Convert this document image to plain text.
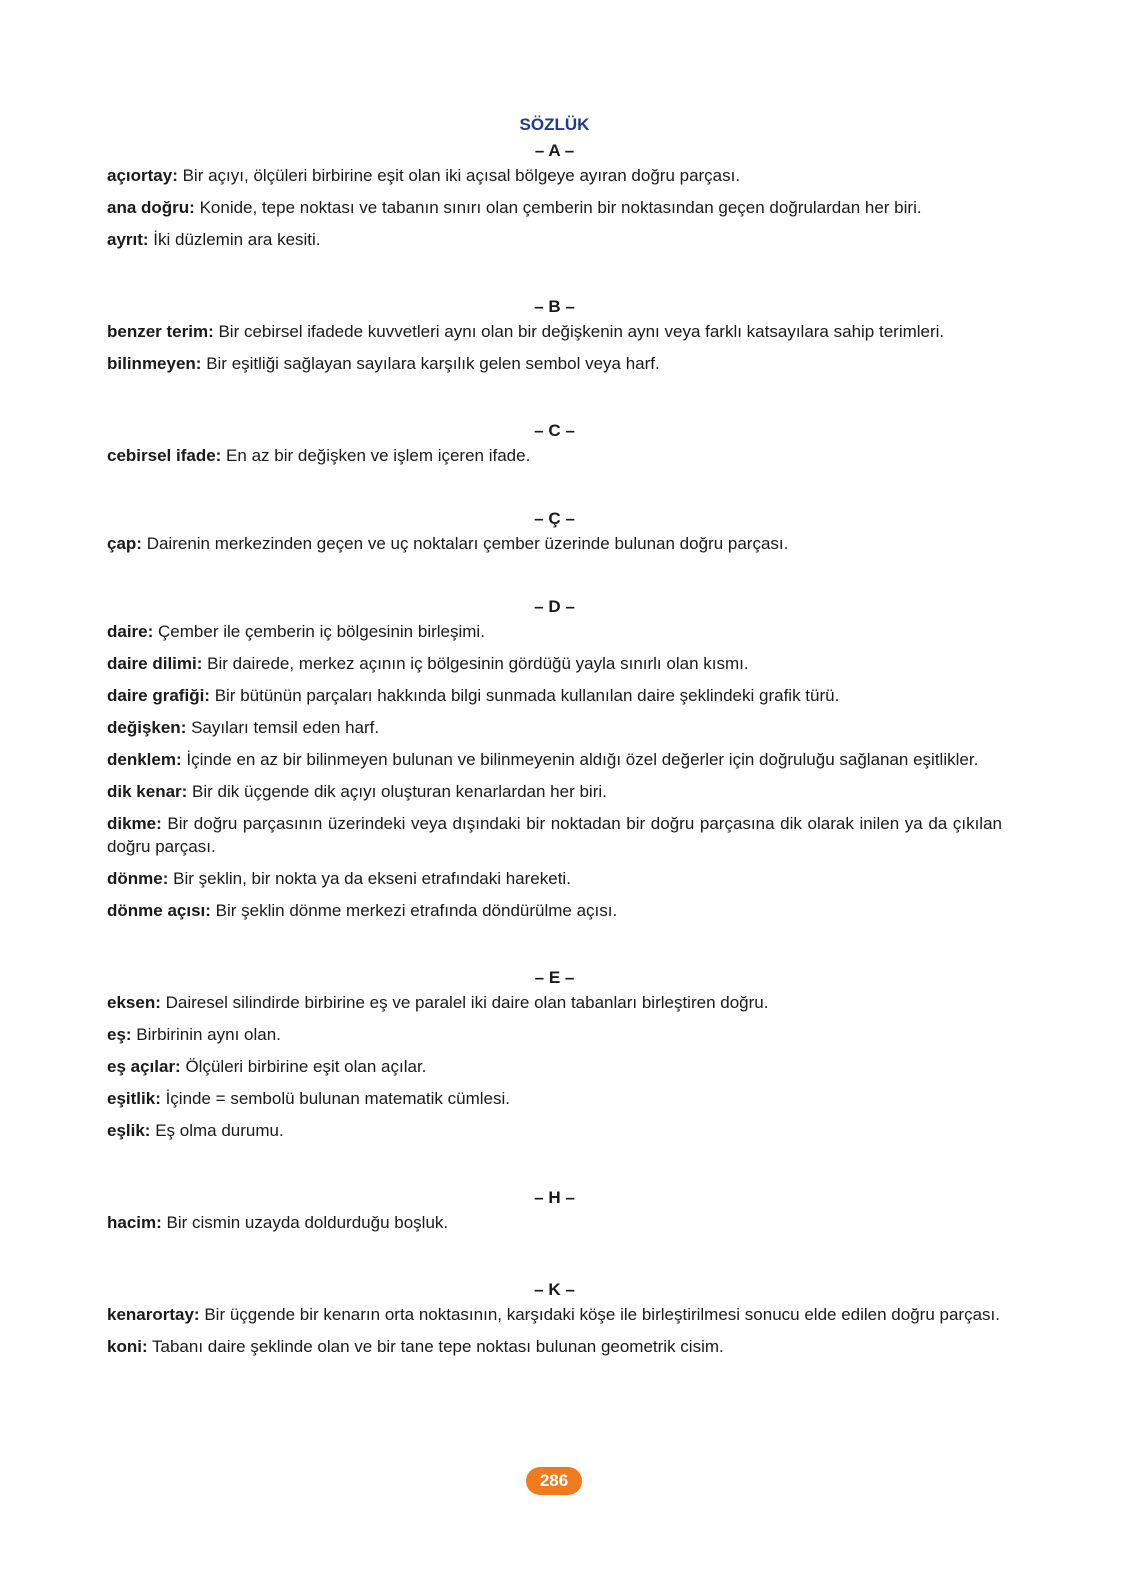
SÖZLÜK
– A –

açıortay: Bir açıyı, ölçüleri birbirine eşit olan iki açısal bölgeye ayıran doğru parçası.

ana doğru: Konide, tepe noktası ve tabanın sınırı olan çemberin bir noktasından geçen doğrulardan her biri.

ayrıt: İki düzlemin ara kesiti.

– B –

benzer terim: Bir cebirsel ifadede kuvvetleri aynı olan bir değişkenin aynı veya farklı katsayılara sahip terimleri.

bilinmeyen: Bir eşitliği sağlayan sayılara karşılık gelen sembol veya harf.

– C –

cebirsel ifade: En az bir değişken ve işlem içeren ifade.

– Ç –

çap: Dairenin merkezinden geçen ve uç noktaları çember üzerinde bulunan doğru parçası.

– D –

daire: Çember ile çemberin iç bölgesinin birleşimi.

daire dilimi: Bir dairede, merkez açının iç bölgesinin gördüğü yayla sınırlı olan kısmı.

daire grafiği: Bir bütünün parçaları hakkında bilgi sunmada kullanılan daire şeklindeki grafik türü.

değişken: Sayıları temsil eden harf.

denklem: İçinde en az bir bilinmeyen bulunan ve bilinmeyenin aldığı özel değerler için doğruluğu sağlanan eşitlikler.

dik kenar: Bir dik üçgende dik açıyı oluşturan kenarlardan her biri.

dikme: Bir doğru parçasının üzerindeki veya dışındaki bir noktadan bir doğru parçasına dik olarak inilen ya da çıkılan doğru parçası.

dönme: Bir şeklin, bir nokta ya da ekseni etrafındaki hareketi.

dönme açısı: Bir şeklin dönme merkezi etrafında döndürülme açısı.

– E –

eksen: Dairesel silindirde birbirine eş ve paralel iki daire olan tabanları birleştiren doğru.

eş: Birbirinin aynı olan.

eş açılar: Ölçüleri birbirine eşit olan açılar.

eşitlik: İçinde = sembolü bulunan matematik cümlesi.

eşlik: Eş olma durumu.

– H –

hacim: Bir cismin uzayda doldurduğu boşluk.

– K –

kenarortay: Bir üçgende bir kenarın orta noktasının, karşıdaki köşe ile birleştirilmesi sonucu elde edilen doğru parçası.

koni: Tabanı daire şeklinde olan ve bir tane tepe noktası bulunan geometrik cisim.

286
